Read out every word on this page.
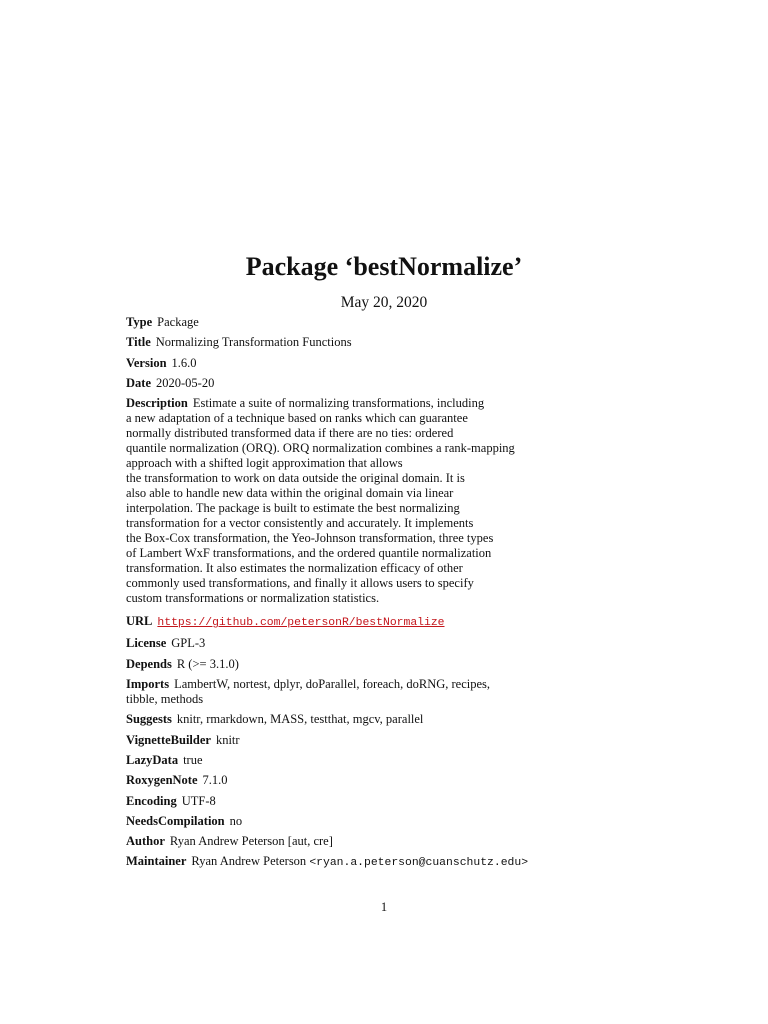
Package ‘bestNormalize’
May 20, 2020
Type Package
Title Normalizing Transformation Functions
Version 1.6.0
Date 2020-05-20
Description Estimate a suite of normalizing transformations, including
a new adaptation of a technique based on ranks which can guarantee
normally distributed transformed data if there are no ties: ordered
quantile normalization (ORQ). ORQ normalization combines a rank-mapping
approach with a shifted logit approximation that allows
the transformation to work on data outside the original domain. It is
also able to handle new data within the original domain via linear
interpolation. The package is built to estimate the best normalizing
transformation for a vector consistently and accurately. It implements
the Box-Cox transformation, the Yeo-Johnson transformation, three types
of Lambert WxF transformations, and the ordered quantile normalization
transformation. It also estimates the normalization efficacy of other
commonly used transformations, and finally it allows users to specify
custom transformations or normalization statistics.
URL https://github.com/petersonR/bestNormalize
License GPL-3
Depends R (>= 3.1.0)
Imports LambertW, nortest, dplyr, doParallel, foreach, doRNG, recipes,
tibble, methods
Suggests knitr, rmarkdown, MASS, testthat, mgcv, parallel
VignetteBuilder knitr
LazyData true
RoxygenNote 7.1.0
Encoding UTF-8
NeedsCompilation no
Author Ryan Andrew Peterson [aut, cre]
Maintainer Ryan Andrew Peterson <ryan.a.peterson@cuanschutz.edu>
1
